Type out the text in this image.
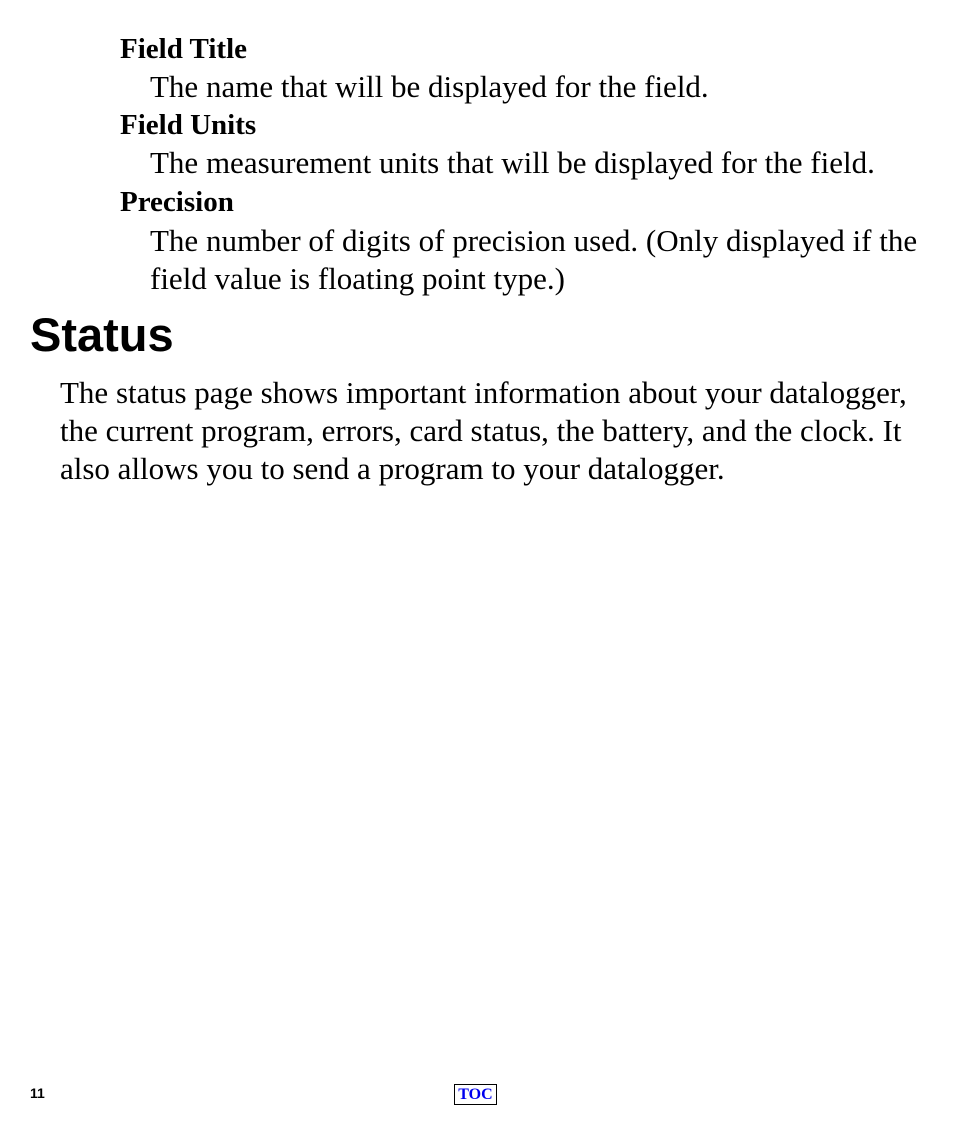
Field Title
The name that will be displayed for the field.
Field Units
The measurement units that will be displayed for the field.
Precision
The number of digits of precision used. (Only displayed if the field value is floating point type.)
Status

The status page shows important information about your datalogger, the current program, errors, card status, the battery, and the clock. It also allows you to send a program to your datalogger.

11	TOC
